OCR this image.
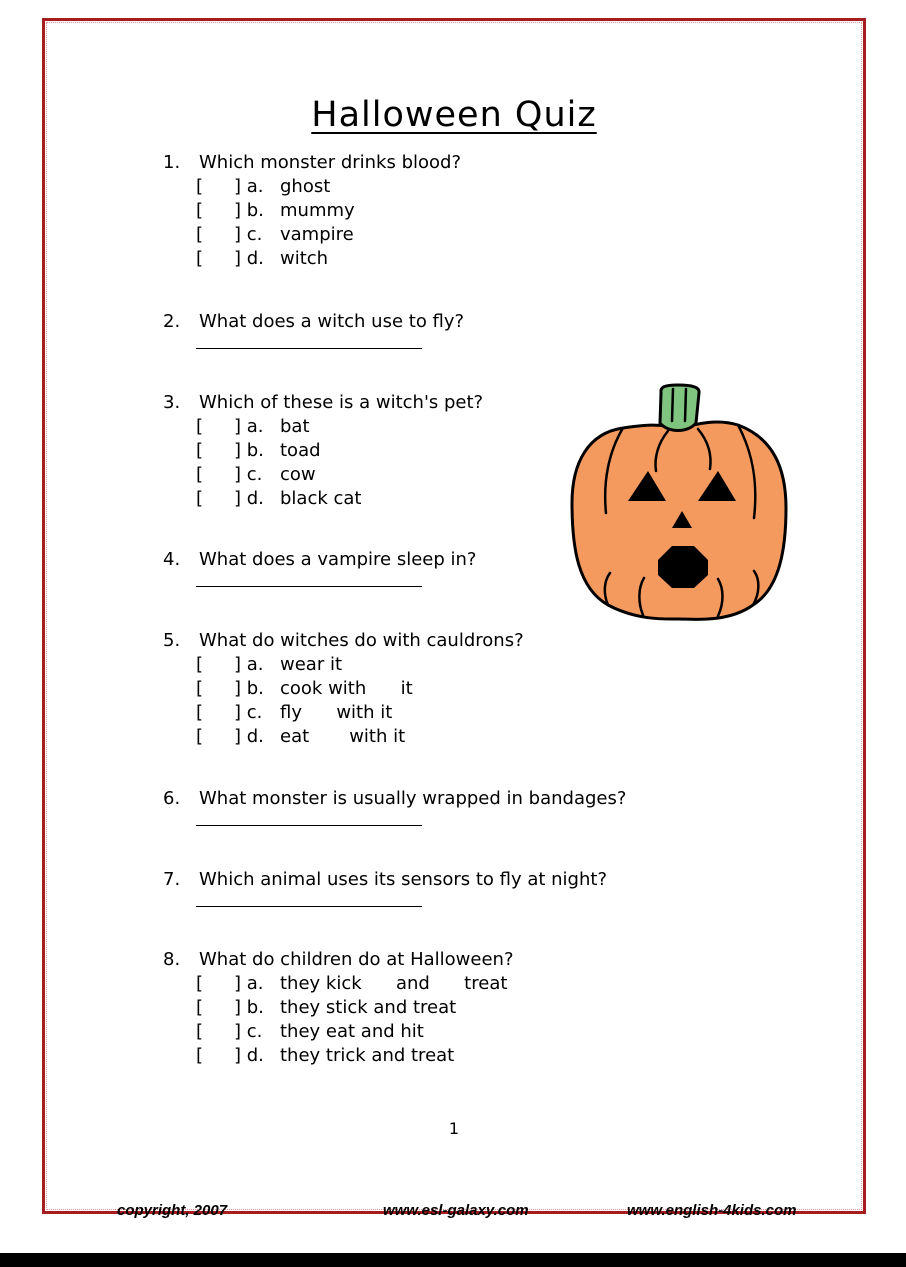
Halloween Quiz
1. Which monster drinks blood?
[ ] a. ghost
[ ] b. mummy
[ ] c. vampire
[ ] d. witch
2. What does a witch use to fly?
3. Which of these is a witch's pet?
[ ] a. bat
[ ] b. toad
[ ] c. cow
[ ] d. black cat
4. What does a vampire sleep in?
5. What do witches do with cauldrons?
[ ] a. wear it
[ ] b. cook with      it
[ ] c. fly      with it
[ ] d. eat       with it
6. What monster is usually wrapped in bandages?
7. Which animal uses its sensors to fly at night?
8. What do children do at Halloween?
[ ] a. they kick      and      treat
[ ] b. they stick and treat
[ ] c. they eat and hit
[ ] d. they trick and treat
1
copyright, 2007	www.esl-galaxy.com	www.english-4kids.com
